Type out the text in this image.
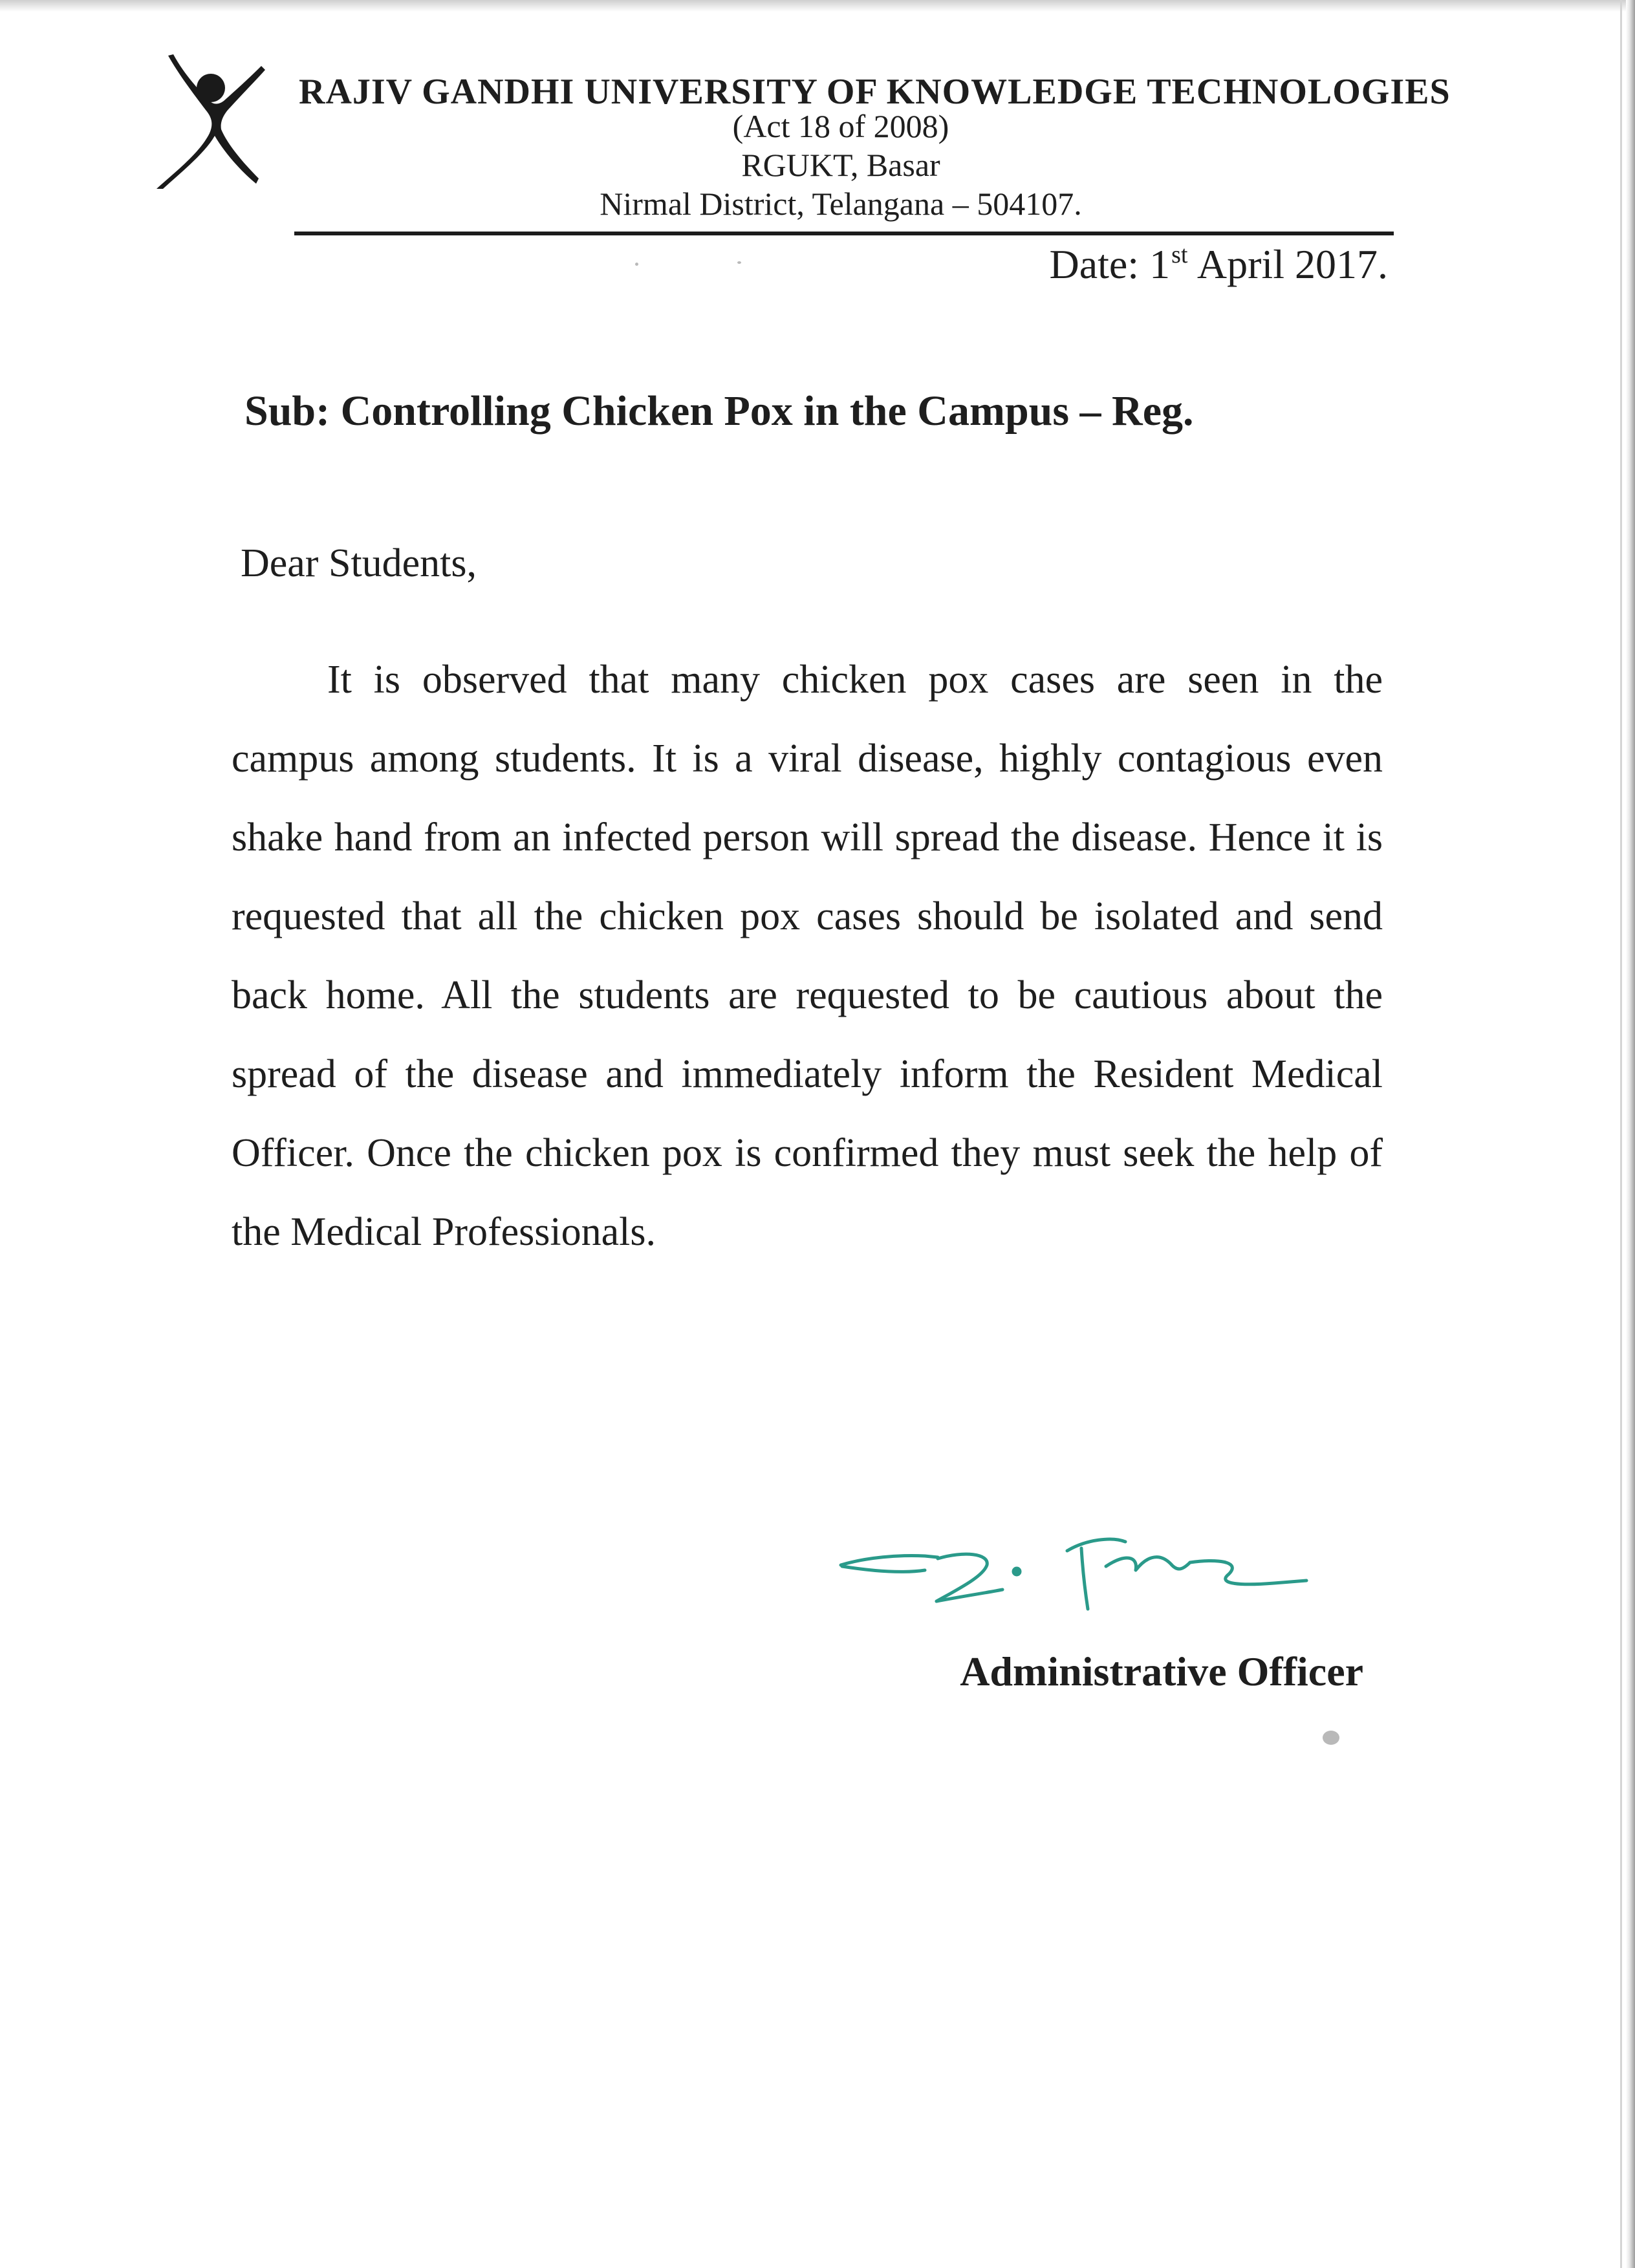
RAJIV GANDHI UNIVERSITY OF KNOWLEDGE TECHNOLOGIES
(Act 18 of 2008)
RGUKT, Basar
Nirmal District, Telangana – 504107.
Date: 1st April 2017.
Sub: Controlling Chicken Pox in the Campus – Reg.
Dear Students,

It is observed that many chicken pox cases are seen in the campus among students. It is a viral disease, highly contagious even shake hand from an infected person will spread the disease. Hence it is requested that all the chicken pox cases should be isolated and send back home. All the students are requested to be cautious about the spread of the disease and immediately inform the Resident Medical Officer. Once the chicken pox is confirmed they must seek the help of the Medical Professionals.

Administrative Officer
